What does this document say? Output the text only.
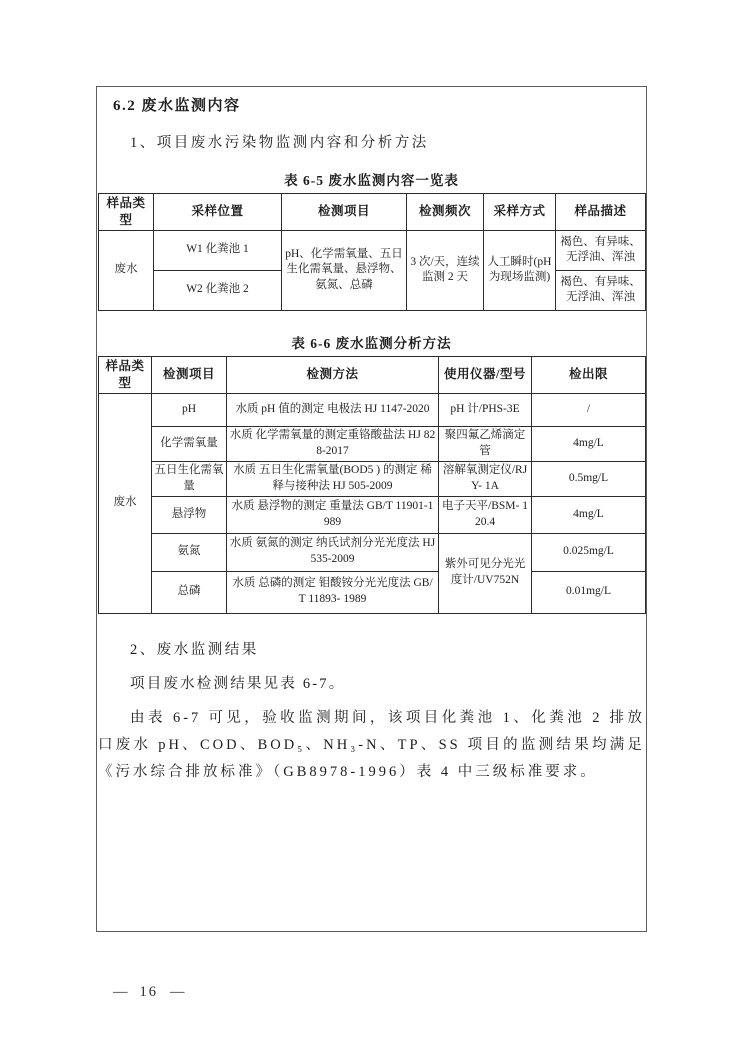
6.2 废水监测内容
1、项目废水污染物监测内容和分析方法
表 6-5 废水监测内容一览表
样品类型	采样位置	检测项目	检测频次	采样方式	样品描述
废水	W1 化粪池 1	pH、化学需氧量、五日生化需氧量、悬浮物、氨氮、总磷	3 次/天，连续监测 2 天	人工瞬时(pH为现场监测)	褐色、有异味、无浮油、浑浊
	W2 化粪池 2				褐色、有异味、无浮油、浑浊
表 6-6 废水监测分析方法
样品类型	检测项目	检测方法	使用仪器/型号	检出限
废水	pH	水质 pH 值的测定 电极法 HJ 1147-2020	pH 计/PHS-3E	/
	化学需氧量	水质 化学需氧量的测定重铬酸盐法 HJ 828-2017	聚四氟乙烯滴定管	4mg/L
	五日生化需氧量	水质 五日生化需氧量(BOD5 ) 的测定 稀释与接种法 HJ 505-2009	溶解氧测定仪/RJY- 1A	0.5mg/L
	悬浮物	水质 悬浮物的测定 重量法 GB/T 11901-1989	电子天平/BSM- 120.4	4mg/L
	氨氮	水质 氨氮的测定 纳氏试剂分光光度法 HJ 535-2009	紫外可见分光光度计/UV752N	0.025mg/L
	总磷	水质 总磷的测定 钼酸铵分光光度法 GB/T 11893- 1989		0.01mg/L
2、废水监测结果
项目废水检测结果见表 6-7。
由表 6-7 可见，验收监测期间，该项目化粪池 1、化粪池 2 排放口废水 pH、COD、BOD₅、NH₃-N、TP、SS 项目的监测结果均满足《污水综合排放标准》（GB8978-1996）表 4 中三级标准要求。
— 16 —
